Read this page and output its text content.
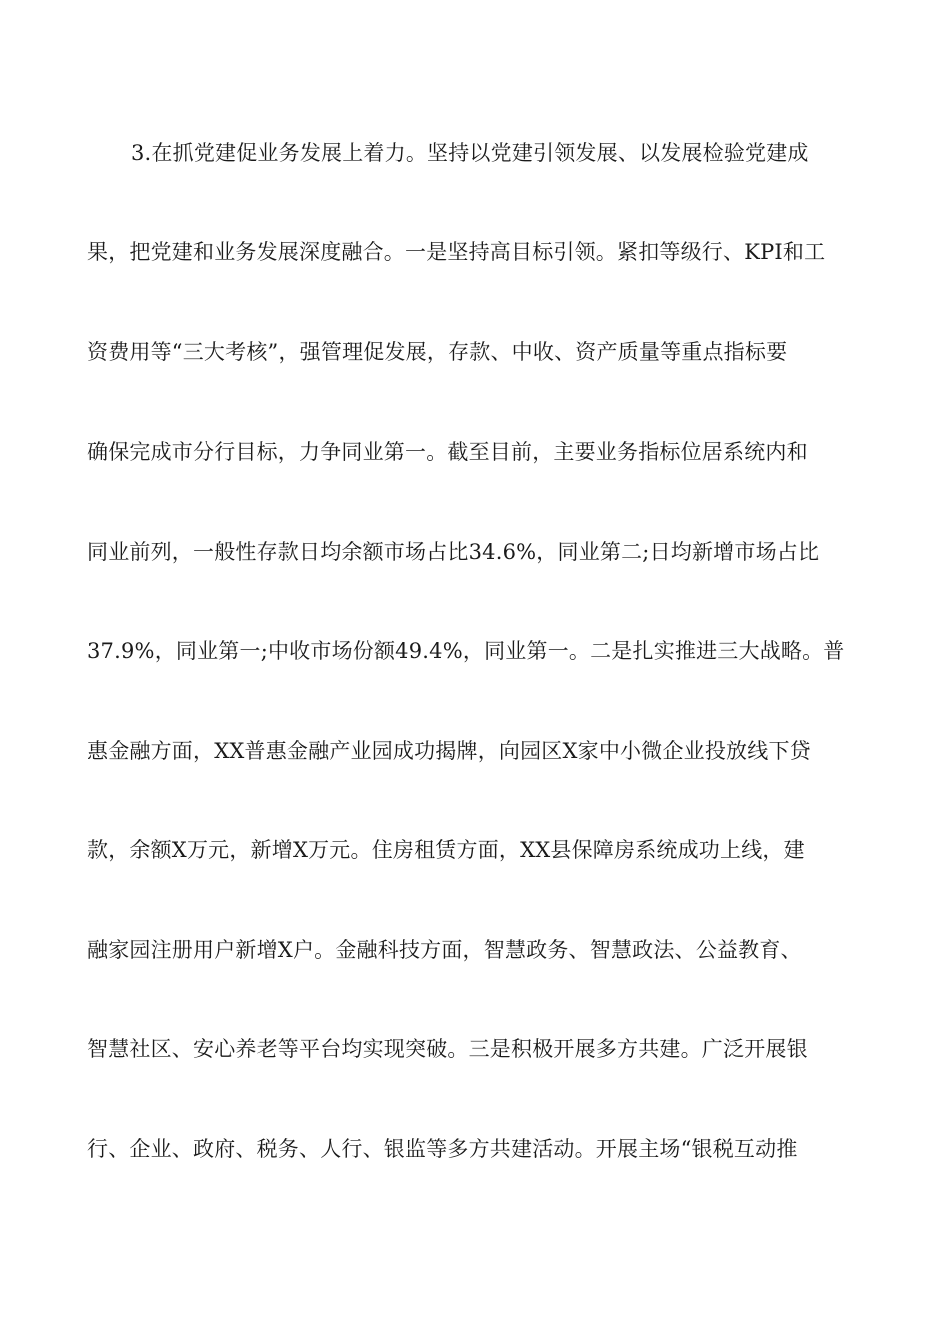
3.在抓党建促业务发展上着力。坚持以党建引领发展、以发展检验党建成

果，把党建和业务发展深度融合。一是坚持高目标引领。紧扣等级行、KPI和工

资费用等“三大考核”，强管理促发展，存款、中收、资产质量等重点指标要

确保完成市分行目标，力争同业第一。截至目前，主要业务指标位居系统内和

同业前列，一般性存款日均余额市场占比34.6%，同业第二;日均新增市场占比

37.9%，同业第一;中收市场份额49.4%，同业第一。二是扎实推进三大战略。普

惠金融方面，XX普惠金融产业园成功揭牌，向园区X家中小微企业投放线下贷

款，余额X万元，新增X万元。住房租赁方面，XX县保障房系统成功上线，建

融家园注册用户新增X户。金融科技方面，智慧政务、智慧政法、公益教育、

智慧社区、安心养老等平台均实现突破。三是积极开展多方共建。广泛开展银

行、企业、政府、税务、人行、银监等多方共建活动。开展主场“银税互动推
